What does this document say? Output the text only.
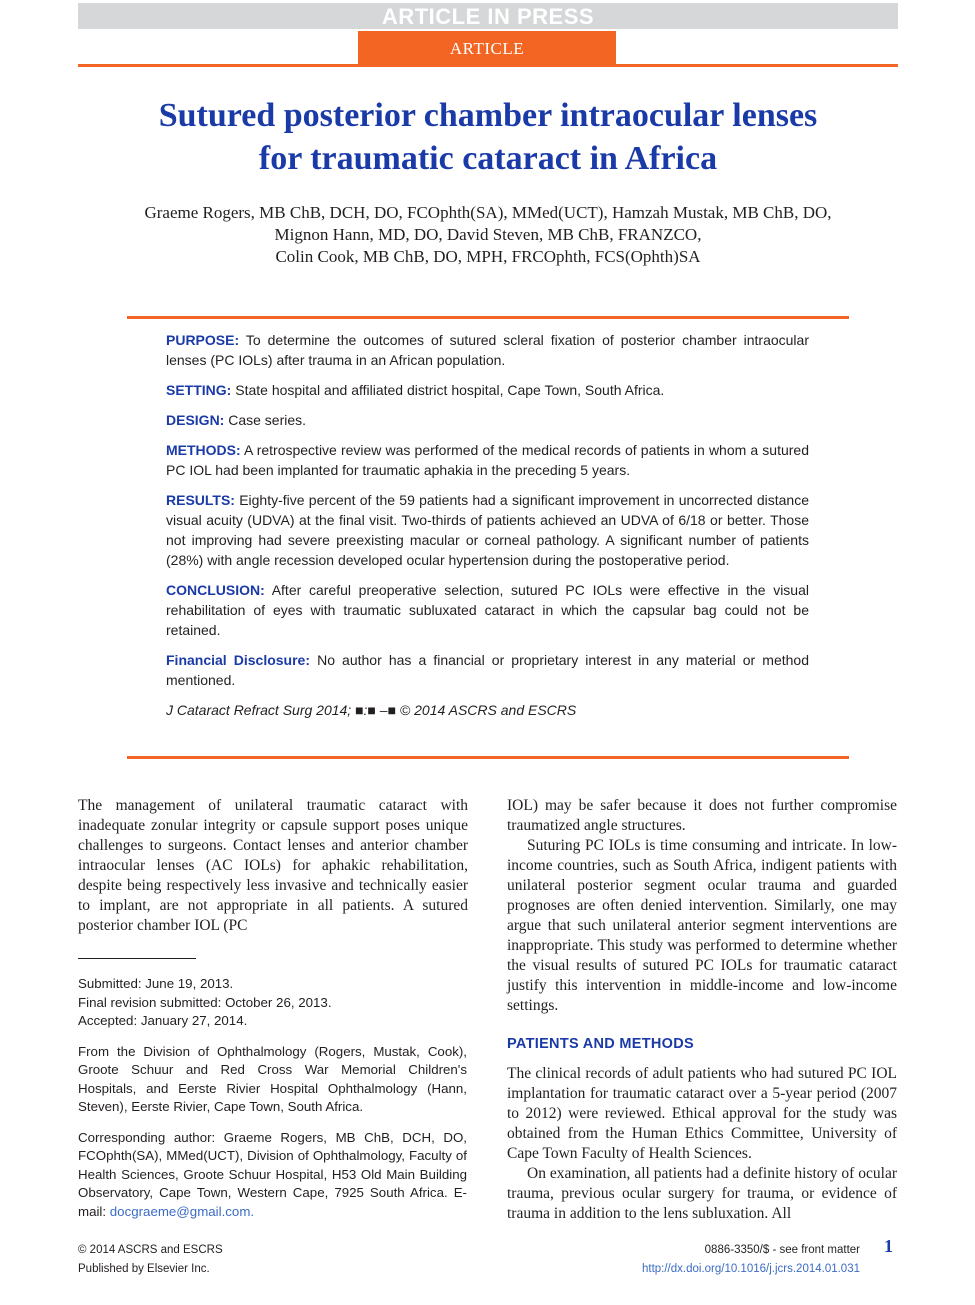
ARTICLE IN PRESS
ARTICLE
Sutured posterior chamber intraocular lenses
for traumatic cataract in Africa
Graeme Rogers, MB ChB, DCH, DO, FCOphth(SA), MMed(UCT), Hamzah Mustak, MB ChB, DO,
Mignon Hann, MD, DO, David Steven, MB ChB, FRANZCO,
Colin Cook, MB ChB, DO, MPH, FRCOphth, FCS(Ophth)SA

PURPOSE: To determine the outcomes of sutured scleral fixation of posterior chamber intraocular lenses (PC IOLs) after trauma in an African population.

SETTING: State hospital and affiliated district hospital, Cape Town, South Africa.

DESIGN: Case series.

METHODS: A retrospective review was performed of the medical records of patients in whom a sutured PC IOL had been implanted for traumatic aphakia in the preceding 5 years.

RESULTS: Eighty-five percent of the 59 patients had a significant improvement in uncorrected distance visual acuity (UDVA) at the final visit. Two-thirds of patients achieved an UDVA of 6/18 or better. Those not improving had severe preexisting macular or corneal pathology. A significant number of patients (28%) with angle recession developed ocular hypertension during the postoperative period.

CONCLUSION: After careful preoperative selection, sutured PC IOLs were effective in the visual rehabilitation of eyes with traumatic subluxated cataract in which the capsular bag could not be retained.

Financial Disclosure: No author has a financial or proprietary interest in any material or method mentioned.

J Cataract Refract Surg 2014; ■:■ –■ © 2014 ASCRS and ESCRS

The management of unilateral traumatic cataract with inadequate zonular integrity or capsule support poses unique challenges to surgeons. Contact lenses and anterior chamber intraocular lenses (AC IOLs) for aphakic rehabilitation, despite being respectively less invasive and technically easier to implant, are not appropriate in all patients. A sutured posterior chamber IOL (PC

Submitted: June 19, 2013.

Final revision submitted: October 26, 2013.

Accepted: January 27, 2014.

From the Division of Ophthalmology (Rogers, Mustak, Cook), Groote Schuur and Red Cross War Memorial Children's Hospitals, and Eerste Rivier Hospital Ophthalmology (Hann, Steven), Eerste Rivier, Cape Town, South Africa.

Corresponding author: Graeme Rogers, MB ChB, DCH, DO, FCOphth(SA), MMed(UCT), Division of Ophthalmology, Faculty of Health Sciences, Groote Schuur Hospital, H53 Old Main Building Observatory, Cape Town, Western Cape, 7925 South Africa. E-mail: docgraeme@gmail.com.

IOL) may be safer because it does not further compromise traumatized angle structures.

Suturing PC IOLs is time consuming and intricate. In low-income countries, such as South Africa, indigent patients with unilateral posterior segment ocular trauma and guarded prognoses are often denied intervention. Similarly, one may argue that such unilateral anterior segment interventions are inappropriate. This study was performed to determine whether the visual results of sutured PC IOLs for traumatic cataract justify this intervention in middle-income and low-income settings.

PATIENTS AND METHODS

The clinical records of adult patients who had sutured PC IOL implantation for traumatic cataract over a 5-year period (2007 to 2012) were reviewed. Ethical approval for the study was obtained from the Human Ethics Committee, University of Cape Town Faculty of Health Sciences.

On examination, all patients had a definite history of ocular trauma, previous ocular surgery for trauma, or evidence of trauma in addition to the lens subluxation. All

© 2014 ASCRS and ESCRS
Published by Elsevier Inc.
0886-3350/$ - see front matter
http://dx.doi.org/10.1016/j.jcrs.2014.01.031
1
